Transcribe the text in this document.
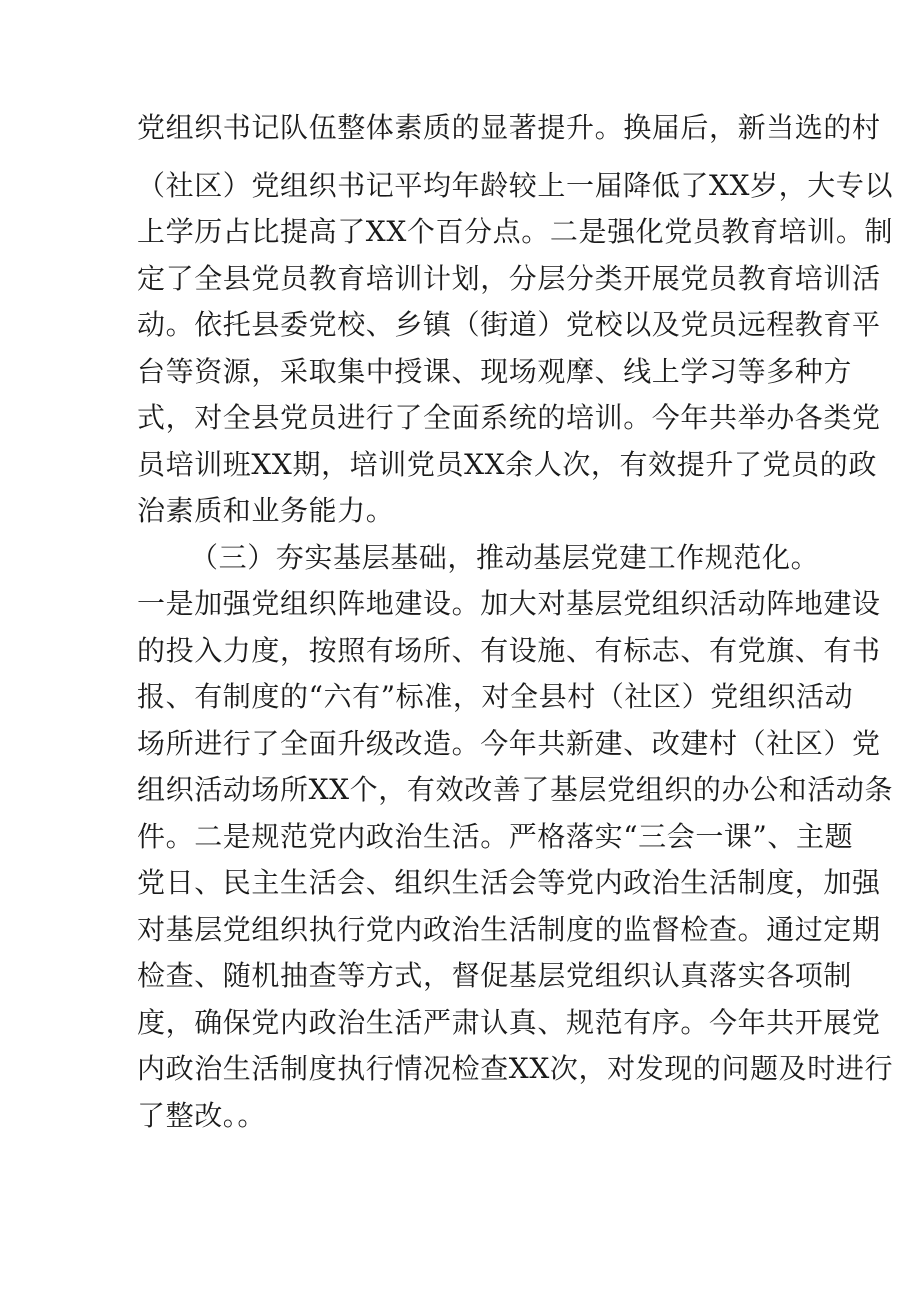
党组织书记队伍整体素质的显著提升。换届后，新当选的村

（社区）党组织书记平均年龄较上一届降低了XX岁，大专以

上学历占比提高了XX个百分点。二是强化党员教育培训。制

定了全县党员教育培训计划，分层分类开展党员教育培训活

动。依托县委党校、乡镇（街道）党校以及党员远程教育平

台等资源，采取集中授课、现场观摩、线上学习等多种方

式，对全县党员进行了全面系统的培训。今年共举办各类党

员培训班XX期，培训党员XX余人次，有效提升了党员的政

治素质和业务能力。

（三）夯实基层基础，推动基层党建工作规范化。

一是加强党组织阵地建设。加大对基层党组织活动阵地建设

的投入力度，按照有场所、有设施、有标志、有党旗、有书

报、有制度的“六有”标准，对全县村（社区）党组织活动

场所进行了全面升级改造。今年共新建、改建村（社区）党

组织活动场所XX个，有效改善了基层党组织的办公和活动条

件。二是规范党内政治生活。严格落实“三会一课”、主题

党日、民主生活会、组织生活会等党内政治生活制度，加强

对基层党组织执行党内政治生活制度的监督检查。通过定期

检查、随机抽查等方式，督促基层党组织认真落实各项制

度，确保党内政治生活严肃认真、规范有序。今年共开展党

内政治生活制度执行情况检查XX次，对发现的问题及时进行

了整改。。
